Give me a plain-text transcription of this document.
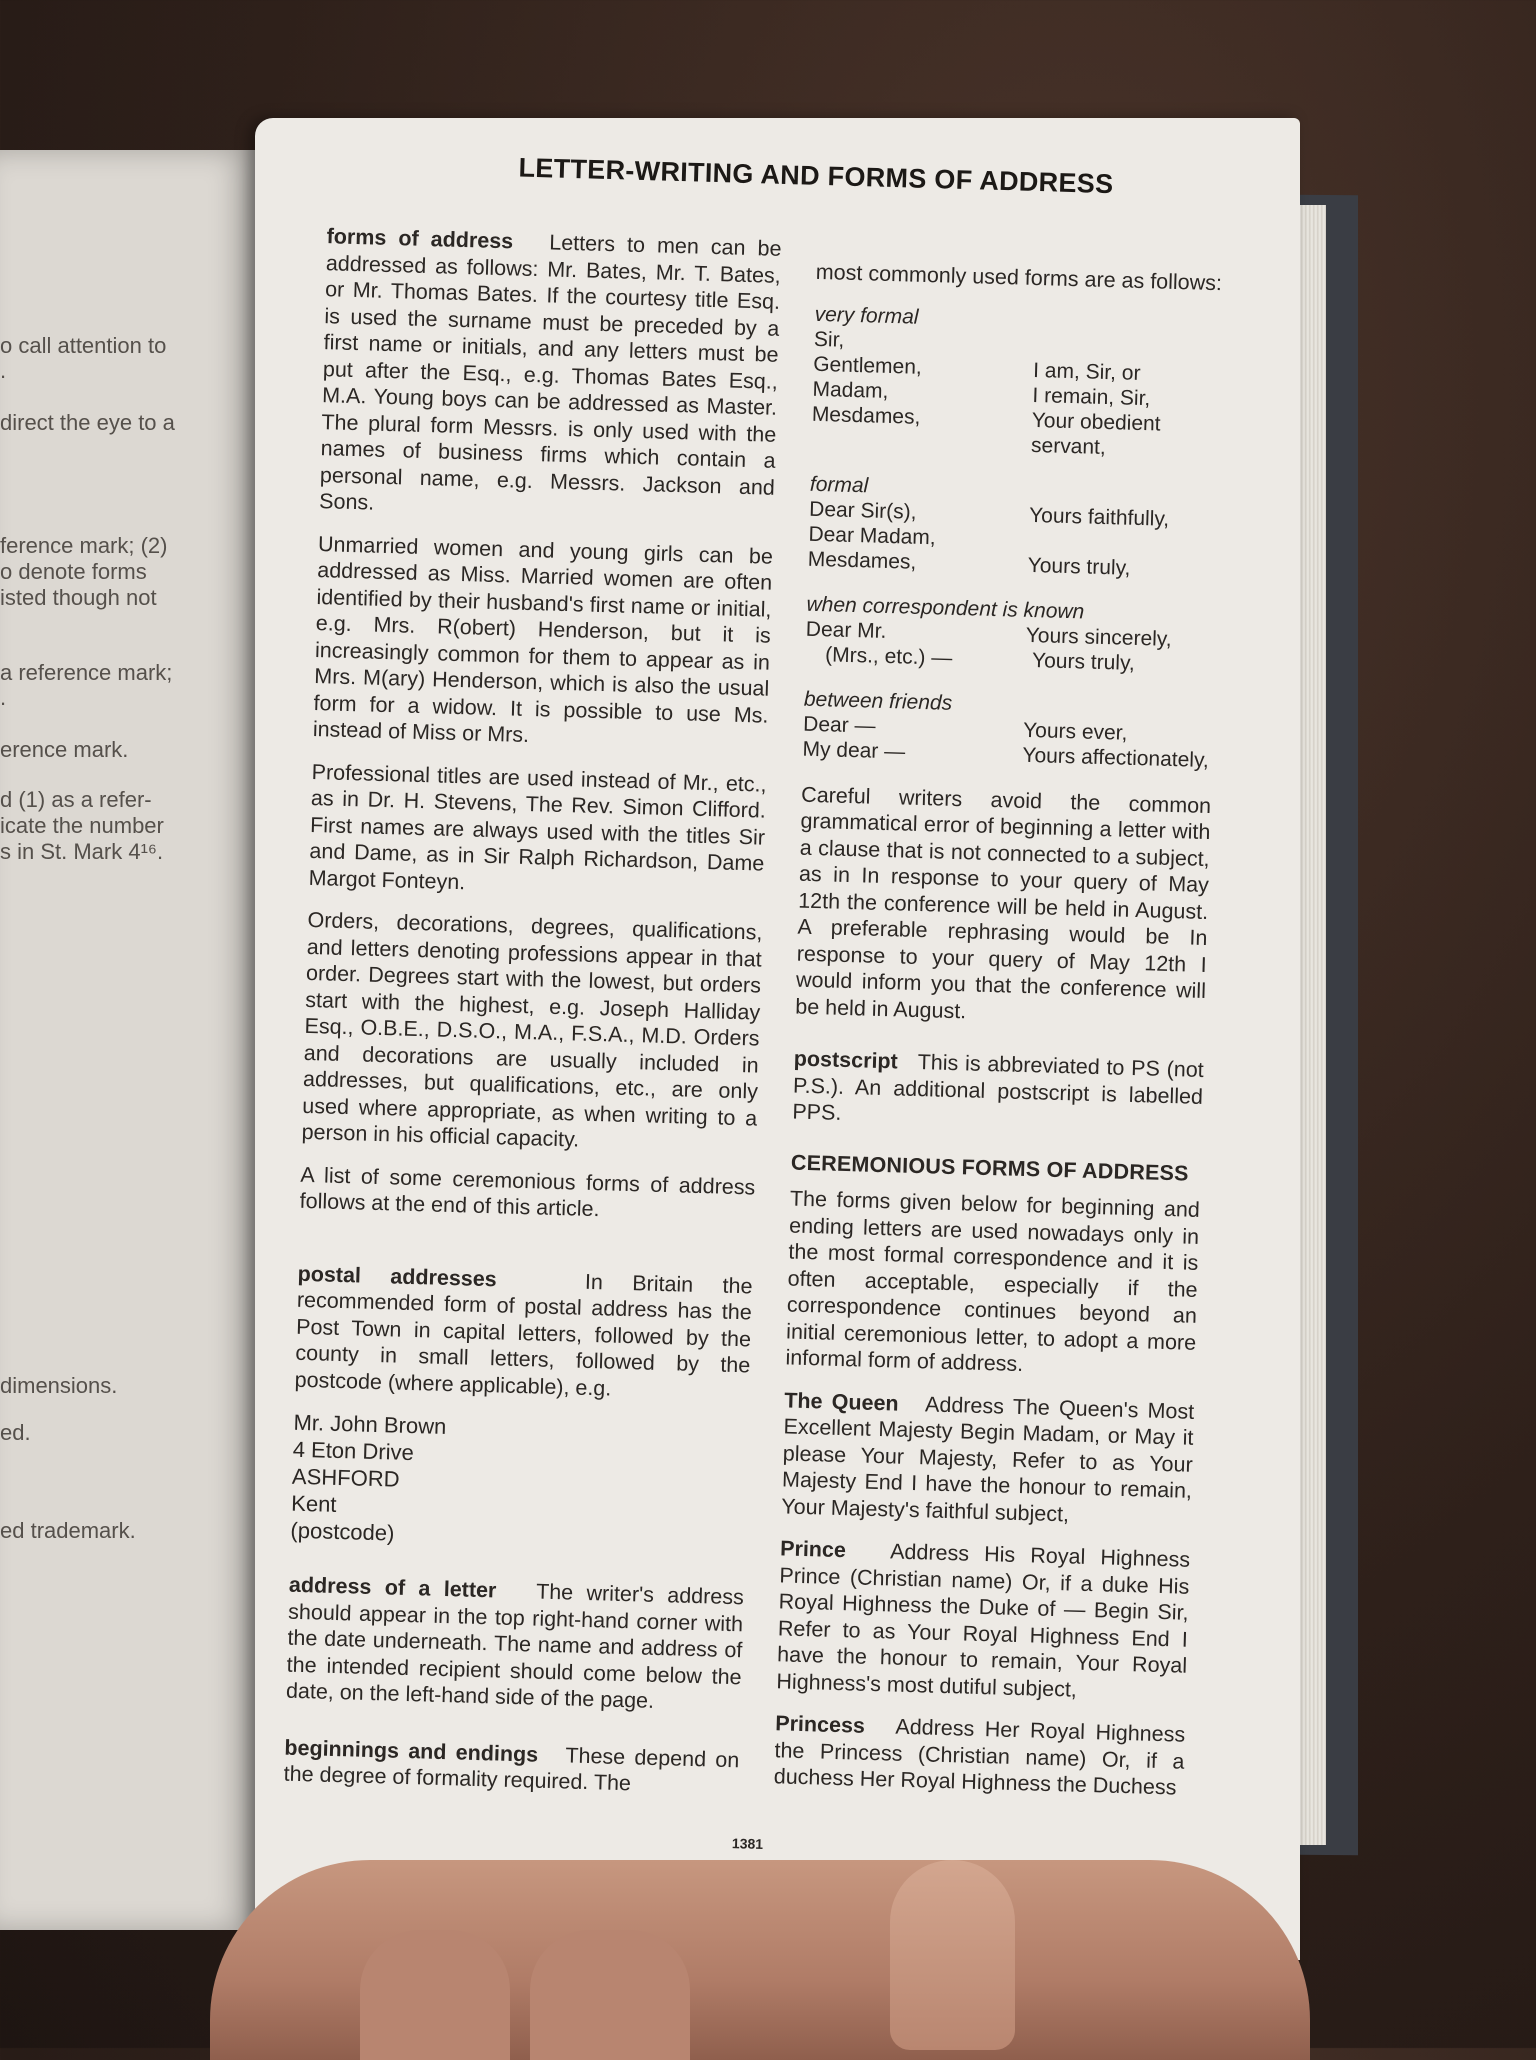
o call attention to
.
direct the eye to a
ference mark; (2)
o denote forms
isted though not
a reference mark;
.
erence mark.
d (1) as a refer-
icate the number
s in St. Mark 4¹⁶.
dimensions.
ed.
ed trademark.
LETTER-WRITING AND FORMS OF ADDRESS

forms of address Letters to men can be addressed as follows: Mr. Bates, Mr. T. Bates, or Mr. Thomas Bates. If the courtesy title Esq. is used the surname must be preceded by a first name or initials, and any letters must be put after the Esq., e.g. Thomas Bates Esq., M.A. Young boys can be addressed as Master. The plural form Messrs. is only used with the names of business firms which contain a personal name, e.g. Messrs. Jackson and Sons.

Unmarried women and young girls can be addressed as Miss. Married women are often identified by their husband's first name or initial, e.g. Mrs. R(obert) Henderson, but it is increasingly common for them to appear as in Mrs. M(ary) Henderson, which is also the usual form for a widow. It is possible to use Ms. instead of Miss or Mrs.

Professional titles are used instead of Mr., etc., as in Dr. H. Stevens, The Rev. Simon Clifford. First names are always used with the titles Sir and Dame, as in Sir Ralph Richardson, Dame Margot Fonteyn.

Orders, decorations, degrees, qualifications, and letters denoting professions appear in that order. Degrees start with the lowest, but orders start with the highest, e.g. Joseph Halliday Esq., O.B.E., D.S.O., M.A., F.S.A., M.D. Orders and decorations are usually included in addresses, but qualifications, etc., are only used where appropriate, as when writing to a person in his official capacity.

A list of some ceremonious forms of address follows at the end of this article.

postal addresses	In Britain the recommended form of postal address has the Post Town in capital letters, followed by the county in small letters, followed by the postcode (where applicable), e.g.

Mr. John Brown
4 Eton Drive
ASHFORD
Kent
(postcode)

address of a letter The writer's address should appear in the top right-hand corner with the date underneath. The name and address of the intended recipient should come below the date, on the left-hand side of the page.

beginnings and endings These depend on the degree of formality required. The

most commonly used forms are as follows:

very formal
Sir,
Gentlemen,	I am, Sir, or
Madam,	I remain, Sir,
Mesdames,	Your obedient
servant,
formal
Dear Sir(s),	Yours faithfully,
Dear Madam,
Mesdames,	Yours truly,
when correspondent is known
Dear Mr.	Yours sincerely,
(Mrs., etc.) —	Yours truly,
between friends
Dear —	Yours ever,
My dear —	Yours affectionately,

Careful writers avoid the common grammatical error of beginning a letter with a clause that is not connected to a subject, as in In response to your query of May 12th the conference will be held in August. A preferable rephrasing would be In response to your query of May 12th I would inform you that the conference will be held in August.

postscript This is abbreviated to PS (not P.S.). An additional postscript is labelled PPS.

CEREMONIOUS FORMS OF ADDRESS

The forms given below for beginning and ending letters are used nowadays only in the most formal correspondence and it is often acceptable, especially if the correspondence continues beyond an initial ceremonious letter, to adopt a more informal form of address.

The Queen Address The Queen's Most Excellent Majesty Begin Madam, or May it please Your Majesty, Refer to as Your Majesty End I have the honour to remain, Your Majesty's faithful subject,

Prince Address His Royal Highness Prince (Christian name) Or, if a duke His Royal Highness the Duke of — Begin Sir, Refer to as Your Royal Highness End I have the honour to remain, Your Royal Highness's most dutiful subject,

Princess Address Her Royal Highness the Princess (Christian name) Or, if a duchess Her Royal Highness the Duchess

1381
